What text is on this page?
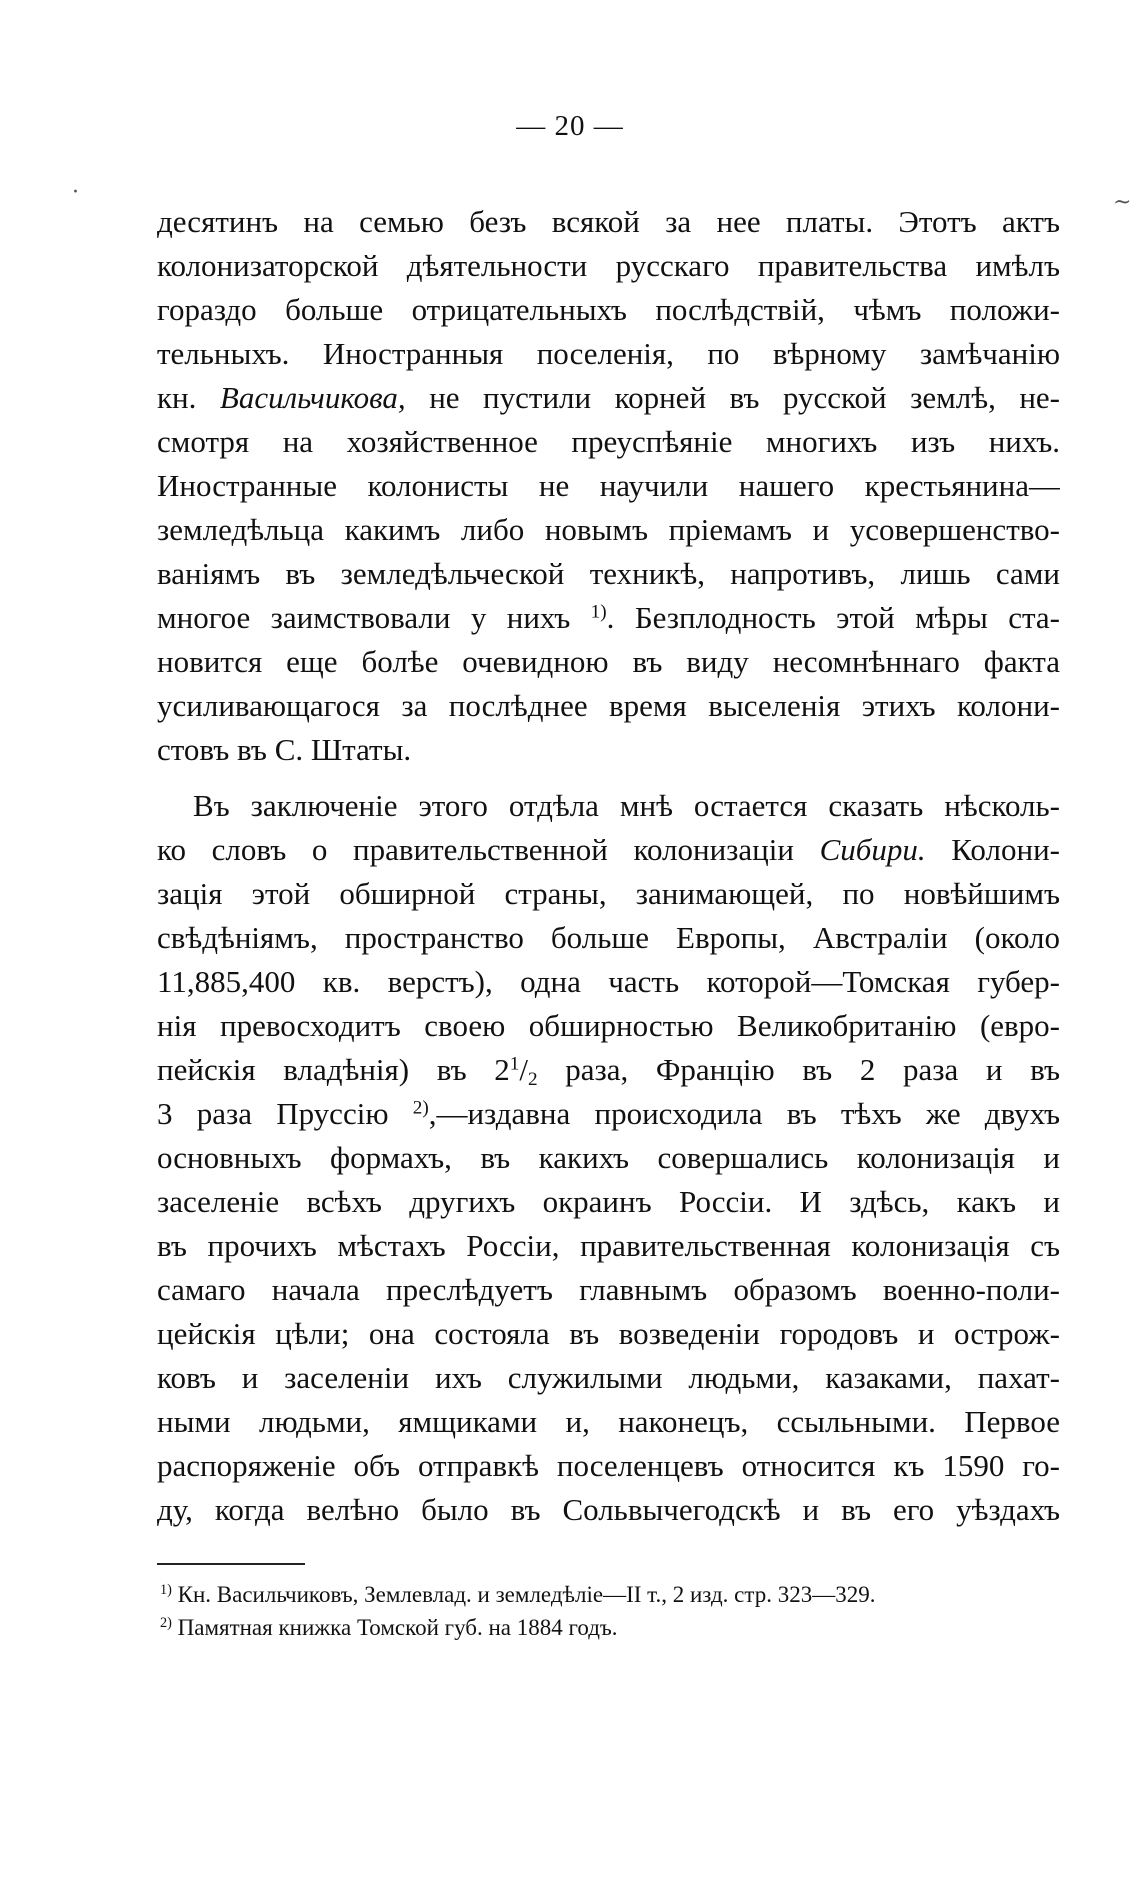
— 20 —
·	~
десятинъ на семью безъ всякой за нее платы. Этотъ актъ
колонизаторской дѣятельности русскаго правительства имѣлъ
гораздо больше отрицательныхъ послѣдствій, чѣмъ положи-
тельныхъ. Иностранныя поселенія, по вѣрному замѣчанію
кн. Васильчикова, не пустили корней въ русской землѣ, не-
смотря на хозяйственное преуспѣяніе многихъ изъ нихъ.
Иностранные колонисты не научили нашего крестьянина—
земледѣльца какимъ либо новымъ пріемамъ и усовершенство-
ваніямъ въ земледѣльческой техникѣ, напротивъ, лишь сами
многое заимствовали у нихъ $^{1)}$. Безплодность этой мѣры ста-
новится еще болѣе очевидною въ виду несомнѣннаго факта
усиливающагося за послѣднее время выселенія этихъ колони-
стовъ въ С. Штаты.
Въ заключеніе этого отдѣла мнѣ остается сказать нѣсколь-
ко словъ о правительственной колонизаціи Сибири. Колони-
зація этой обширной страны, занимающей, по новѣйшимъ
свѣдѣніямъ, пространство больше Европы, Австраліи (около
11,885,400 кв. верстъ), одна часть которой—Томская губер-
нія превосходитъ своею обширностью Великобританію (евро-
пейскія владѣнія) въ $2^1/_2$ раза, Францію въ 2 раза и въ
3 раза Пруссію $^{2)}$,—издавна происходила въ тѣхъ же двухъ
основныхъ формахъ, въ какихъ совершались колонизація и
заселеніе всѣхъ другихъ окраинъ Россіи. И здѣсь, какъ и
въ прочихъ мѣстахъ Россіи, правительственная колонизація съ
самаго начала преслѣдуетъ главнымъ образомъ военно-поли-
цейскія цѣли; она состояла въ возведеніи городовъ и острож-
ковъ и заселеніи ихъ служилыми людьми, казаками, пахат-
ными людьми, ямщиками и, наконецъ, ссыльными. Первое
распоряженіе объ отправкѣ поселенцевъ относится къ 1590 го-
ду, когда велѣно было въ Сольвычегодскѣ и въ его уѣздахъ
$^{1)}$ Кн. Васильчиковъ, Землевлад. и земледѣліе—II т., 2 изд. стр. 323—329.
$^{2)}$ Памятная книжка Томской губ. на 1884 годъ.
